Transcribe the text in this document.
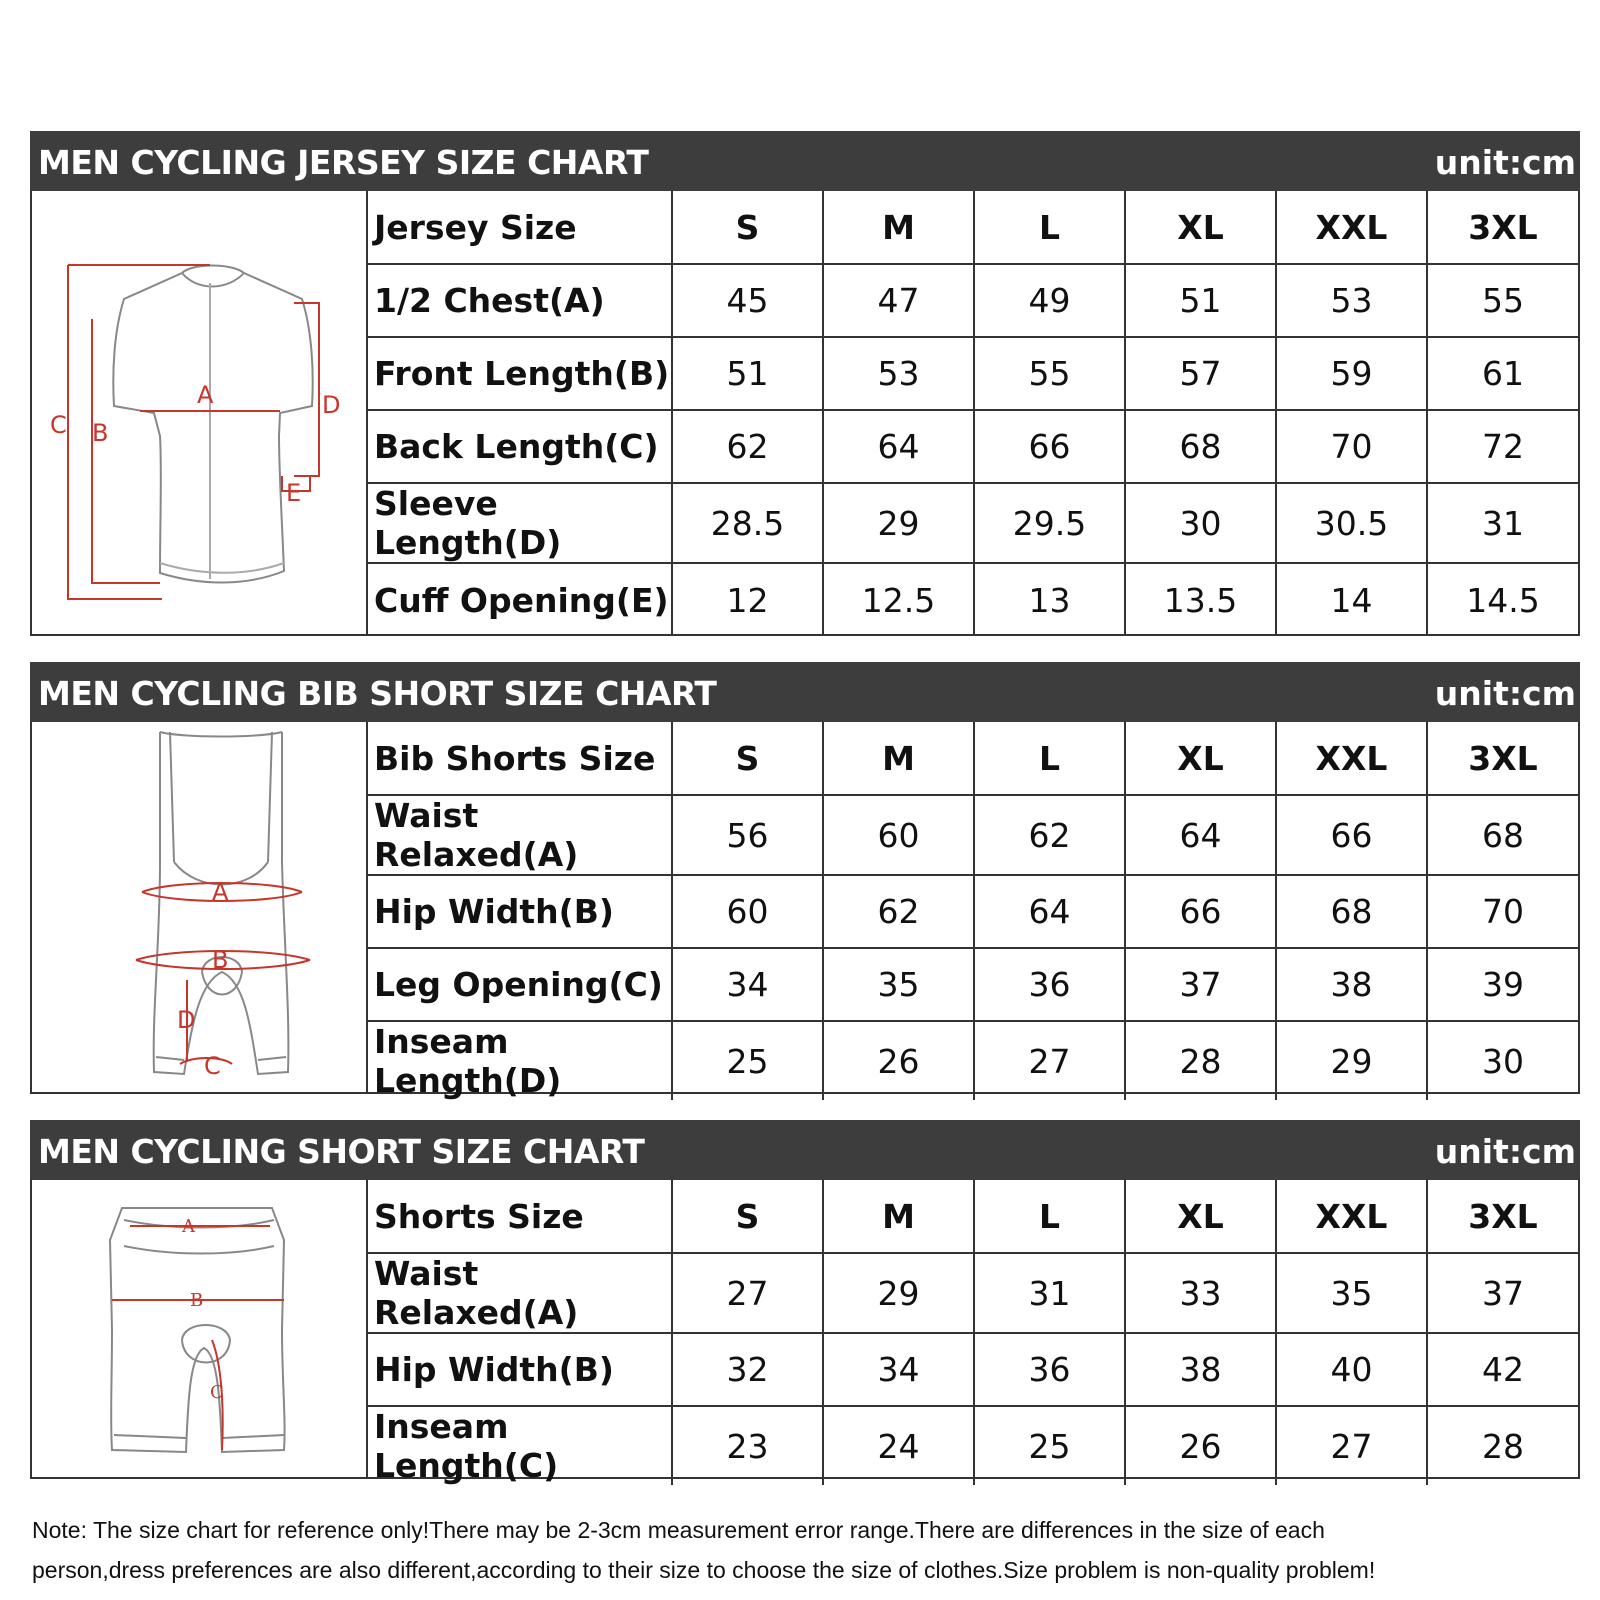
MEN CYCLING JERSEY SIZE CHART	unit:cm
A
B
C
D
E
Jersey Size	S	M	L	XL	XXL	3XL
1/2 Chest(A)	45	47	49	51	53	55
Front Length(B)	51	53	55	57	59	61
Back Length(C)	62	64	66	68	70	72
Sleeve Length(D)	28.5	29	29.5	30	30.5	31
Cuff Opening(E)	12	12.5	13	13.5	14	14.5
MEN CYCLING BIB SHORT SIZE CHART	unit:cm
A
B
C
D
Bib Shorts Size	S	M	L	XL	XXL	3XL
Waist Relaxed(A)	56	60	62	64	66	68
Hip Width(B)	60	62	64	66	68	70
Leg Opening(C)	34	35	36	37	38	39
Inseam Length(D)	25	26	27	28	29	30
MEN CYCLING SHORT SIZE CHART	unit:cm
A
B
C
Shorts Size	S	M	L	XL	XXL	3XL
Waist Relaxed(A)	27	29	31	33	35	37
Hip Width(B)	32	34	36	38	40	42
Inseam Length(C)	23	24	25	26	27	28
Note: The size chart for reference only!There may be 2-3cm measurement error range.There are differences in the size of each
person,dress preferences are also different,according to their size to choose the size of clothes.Size problem is non-quality problem!
